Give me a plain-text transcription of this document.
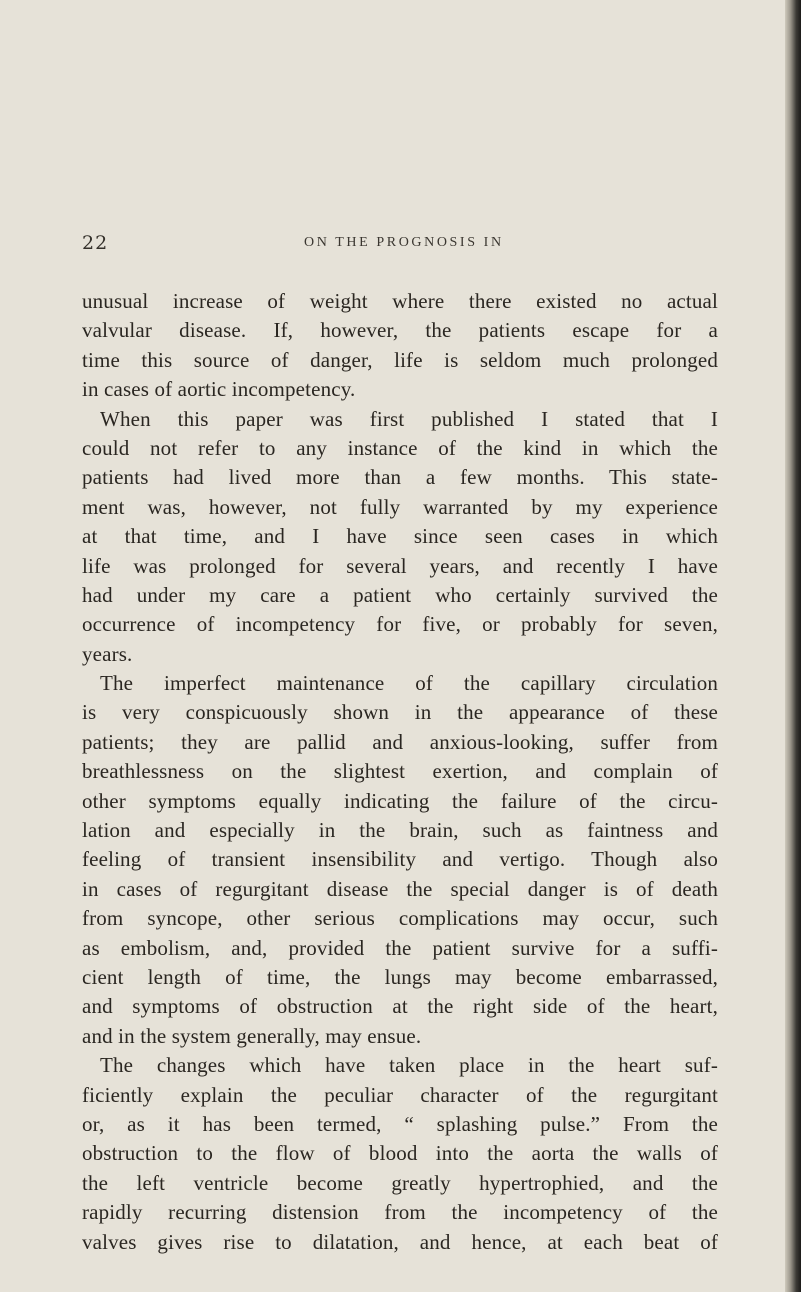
22	ON THE PROGNOSIS IN
unusual increase of weight where there existed no actual
valvular disease. If, however, the patients escape for a
time this source of danger, life is seldom much prolonged
in cases of aortic incompetency.
When this paper was first published I stated that I
could not refer to any instance of the kind in which the
patients had lived more than a few months. This state-
ment was, however, not fully warranted by my experience
at that time, and I have since seen cases in which
life was prolonged for several years, and recently I have
had under my care a patient who certainly survived the
occurrence of incompetency for five, or probably for seven,
years.
The imperfect maintenance of the capillary circulation
is very conspicuously shown in the appearance of these
patients; they are pallid and anxious-looking, suffer from
breathlessness on the slightest exertion, and complain of
other symptoms equally indicating the failure of the circu-
lation and especially in the brain, such as faintness and
feeling of transient insensibility and vertigo. Though also
in cases of regurgitant disease the special danger is of death
from syncope, other serious complications may occur, such
as embolism, and, provided the patient survive for a suffi-
cient length of time, the lungs may become embarrassed,
and symptoms of obstruction at the right side of the heart,
and in the system generally, may ensue.
The changes which have taken place in the heart suf-
ficiently explain the peculiar character of the regurgitant
or, as it has been termed, “ splashing pulse.” From the
obstruction to the flow of blood into the aorta the walls of
the left ventricle become greatly hypertrophied, and the
rapidly recurring distension from the incompetency of the
valves gives rise to dilatation, and hence, at each beat of
